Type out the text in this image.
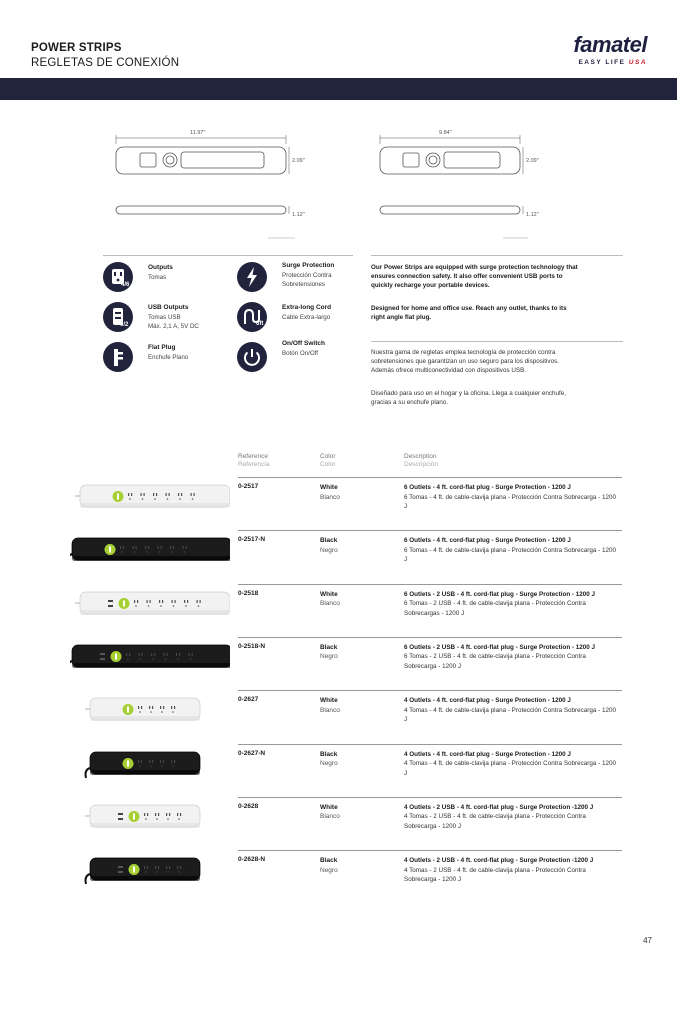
POWER STRIPS
REGLETAS DE CONEXIÓN
famatel
EASY LIFE USA
11.97"
2.09"
1.12"
9.84"
2.09"
1.12"
4/6
Outputs
Tomas
0/2
USB Outputs
Tomas USB
Máx. 2,1 A, 5V DC
Flat Plug
Enchufe Plano
Surge Protection
Protección Contra
Sobretensiones
6ft
Extra-long Cord
Cable Extra-largo
On/Off Switch
Botón On/Off
Our Power Strips are equipped with surge protection technology that ensures connection safety. It also offer convenient USB ports to quickly recharge your portable devices.
Designed for home and office use. Reach any outlet, thanks to its right angle flat plug.
Nuestra gama de regletas emplea tecnología de protección contra sobretensiones que garantizan un uso seguro para los dispositivos. Además ofrece multiconectividad con dispositivos USB.
Diseñado para uso en el hogar y la oficina. Llega a cualquier enchufe, gracias a su enchufe plano.
Reference
Referencia
Color
Color
Description
Descripción
0-2517	White
Blanco
6 Outlets - 4 ft. cord-flat plug - Surge Protection - 1200 J
6 Tomas - 4 ft. de cable-clavija plana - Protección Contra Sobrecarga - 1200 J
0-2517-N	Black
Negro
6 Outlets - 4 ft. cord-flat plug - Surge Protection - 1200 J
6 Tomas - 4 ft. de cable-clavija plana - Protección Contra Sobrecarga - 1200 J
0-2518	White
Blanco
6 Outlets - 2 USB - 4 ft. cord-flat plug - Surge Protection - 1200 J
6 Tomas - 2 USB - 4 ft. de cable-clavija plana - Protección Contra Sobrecargas - 1200 J
0-2518-N	Black
Negro
6 Outlets - 2 USB - 4 ft. cord-flat plug - Surge Protection - 1200 J
6 Tomas - 2 USB - 4 ft. de cable-clavija plana - Protección Contra Sobrecarga - 1200 J
0-2627	White
Blanco
4 Outlets - 4 ft. cord-flat plug - Surge Protection - 1200 J
4 Tomas - 4 ft. de cable-clavija plana - Protección Contra Sobrecarga - 1200 J
0-2627-N	Black
Negro
4 Outlets - 4 ft. cord-flat plug - Surge Protection - 1200 J
4 Tomas - 4 ft. de cable-clavija plana - Protección Contra Sobrecarga - 1200 J
0-2628	White
Blanco
4 Outlets - 2 USB - 4 ft. cord-flat plug - Surge Protection -1200 J
4 Tomas - 2 USB - 4 ft. de cable-clavija plana - Protección Contra Sobrecarga - 1200 J
0-2628-N	Black
Negro
4 Outlets - 2 USB - 4 ft. cord-flat plug - Surge Protection -1200 J
4 Tomas - 2 USB - 4 ft. de cable-clavija plana - Protección Contra Sobrecarga - 1200 J
47
